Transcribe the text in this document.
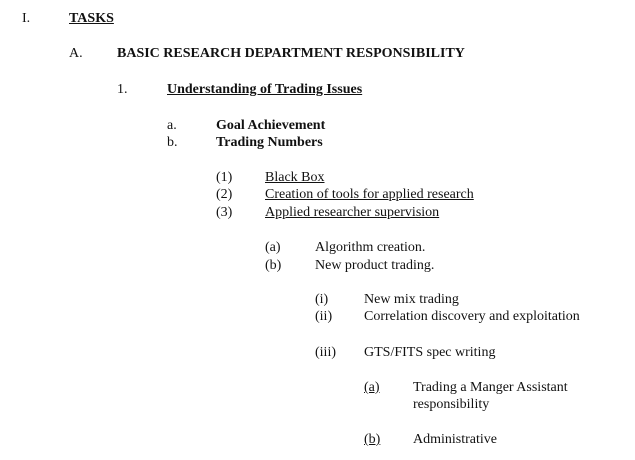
I.	TASKS
A. BASIC RESEARCH DEPARTMENT RESPONSIBILITY
1.	Understanding of Trading Issues
a.	Goal Achievement
b.	Trading Numbers
(1) Black Box
(2) Creation of tools for applied research
(3) Applied researcher supervision
(a) Algorithm creation.
(b) New product trading.
(i)	New mix trading
(ii) Correlation discovery and exploitation
(iii) GTS/FITS spec writing
(a) Trading a Manger Assistant
responsibility
(b) Administrative
